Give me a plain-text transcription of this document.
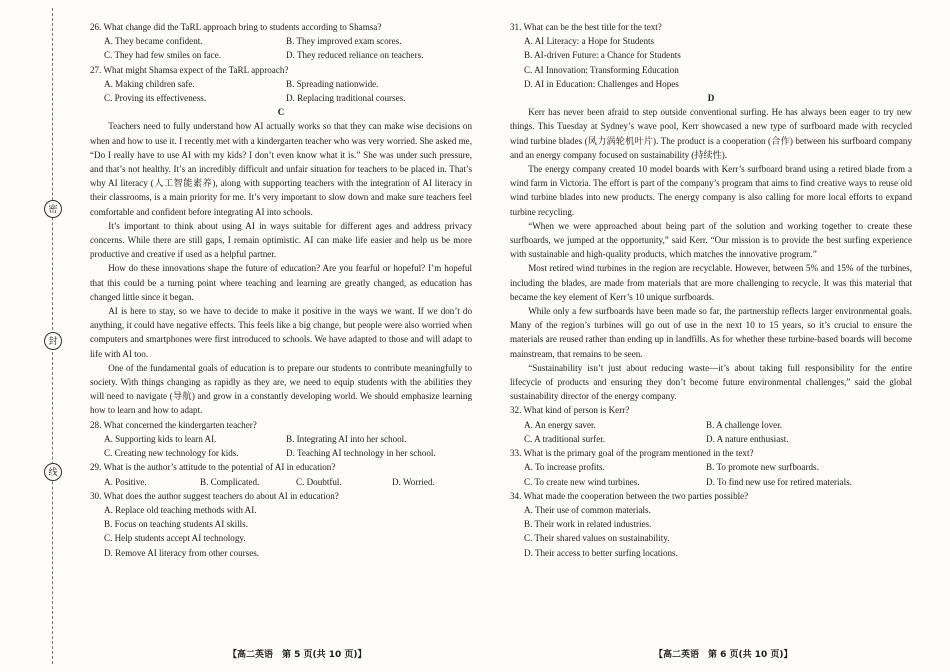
密
封
线

26. What change did the TaRL approach bring to students according to Shamsa?

A. They became confident.	B. They improved exam scores.
C. They had few smiles on face.	D. They reduced reliance on teachers.

27. What might Shamsa expect of the TaRL approach?

A. Making children safe.	B. Spreading nationwide.
C. Proving its effectiveness.	D. Replacing traditional courses.

C

Teachers need to fully understand how AI actually works so that they can make wise decisions on when and how to use it. I recently met with a kindergarten teacher who was very worried. She asked me, “Do I really have to use AI with my kids? I don’t even know what it is.” She was under such pressure, and that’s not healthy. It’s an incredibly difficult and unfair situation for teachers to be placed in. That’s why AI literacy (人工智能素养), along with supporting teachers with the integration of AI literacy in their classrooms, is a main priority for me. It’s very important to slow down and make sure teachers feel comfortable and confident before integrating AI into schools.

It’s important to think about using AI in ways suitable for different ages and address privacy concerns. While there are still gaps, I remain optimistic. AI can make life easier and help us be more productive and creative if used as a helpful partner.

How do these innovations shape the future of education? Are you fearful or hopeful? I’m hopeful that this could be a turning point where teaching and learning are greatly changed, as education has changed little since it began.

AI is here to stay, so we have to decide to make it positive in the ways we want. If we don’t do anything, it could have negative effects. This feels like a big change, but people were also worried when computers and smartphones were first introduced to schools. We have adapted to those and will adapt to life with AI too.

One of the fundamental goals of education is to prepare our students to contribute meaningfully to society. With things changing as rapidly as they are, we need to equip students with the abilities they will need to navigate (导航) and grow in a constantly developing world. We should emphasize learning how to learn and how to adapt.

28. What concerned the kindergarten teacher?

A. Supporting kids to learn AI.	B. Integrating AI into her school.
C. Creating new technology for kids.	D. Teaching AI technology in her school.

29. What is the author’s attitude to the potential of AI in education?

A. Positive.	B. Complicated.	C. Doubtful.	D. Worried.

30. What does the author suggest teachers do about AI in education?

A. Replace old teaching methods with AI.
B. Focus on teaching students AI skills.
C. Help students accept AI technology.
D. Remove AI literacy from other courses.

31. What can be the best title for the text?

A. AI Literacy: a Hope for Students
B. AI-driven Future: a Chance for Students
C. AI Innovation: Transforming Education
D. AI in Education: Challenges and Hopes

D

Kerr has never been afraid to step outside conventional surfing. He has always been eager to try new things. This Tuesday at Sydney’s wave pool, Kerr showcased a new type of surfboard made with recycled wind turbine blades (风力涡轮机叶片). The product is a cooperation (合作) between his surfboard company and an energy company focused on sustainability (持续性).

The energy company created 10 model boards with Kerr’s surfboard brand using a retired blade from a wind farm in Victoria. The effort is part of the company’s program that aims to find creative ways to reuse old wind turbine blades into new products. The energy company is also calling for more local efforts to expand turbine recycling.

“When we were approached about being part of the solution and working together to create these surfboards, we jumped at the opportunity,” said Kerr. “Our mission is to provide the best surfing experience with sustainable and high-quality products, which matches the innovative program.”

Most retired wind turbines in the region are recyclable. However, between 5% and 15% of the turbines, including the blades, are made from materials that are more challenging to recycle. It was this material that became the key element of Kerr’s 10 unique surfboards.

While only a few surfboards have been made so far, the partnership reflects larger environmental goals. Many of the region’s turbines will go out of use in the next 10 to 15 years, so it’s crucial to ensure the materials are reused rather than ending up in landfills. As for whether these turbine-based boards will become mainstream, that remains to be seen.

“Sustainability isn’t just about reducing waste—it’s about taking full responsibility for the entire lifecycle of products and ensuring they don’t become future environmental challenges,” said the global sustainability director of the energy company.

32. What kind of person is Kerr?

A. An energy saver.	B. A challenge lover.
C. A traditional surfer.	D. A nature enthusiast.

33. What is the primary goal of the program mentioned in the text?

A. To increase profits.	B. To promote new surfboards.
C. To create new wind turbines.	D. To find new use for retired materials.

34. What made the cooperation between the two parties possible?

A. Their use of common materials.
B. Their work in related industries.
C. Their shared values on sustainability.
D. Their access to better surfing locations.
【高二英语　第 5 页(共 10 页)】	【高二英语　第 6 页(共 10 页)】
